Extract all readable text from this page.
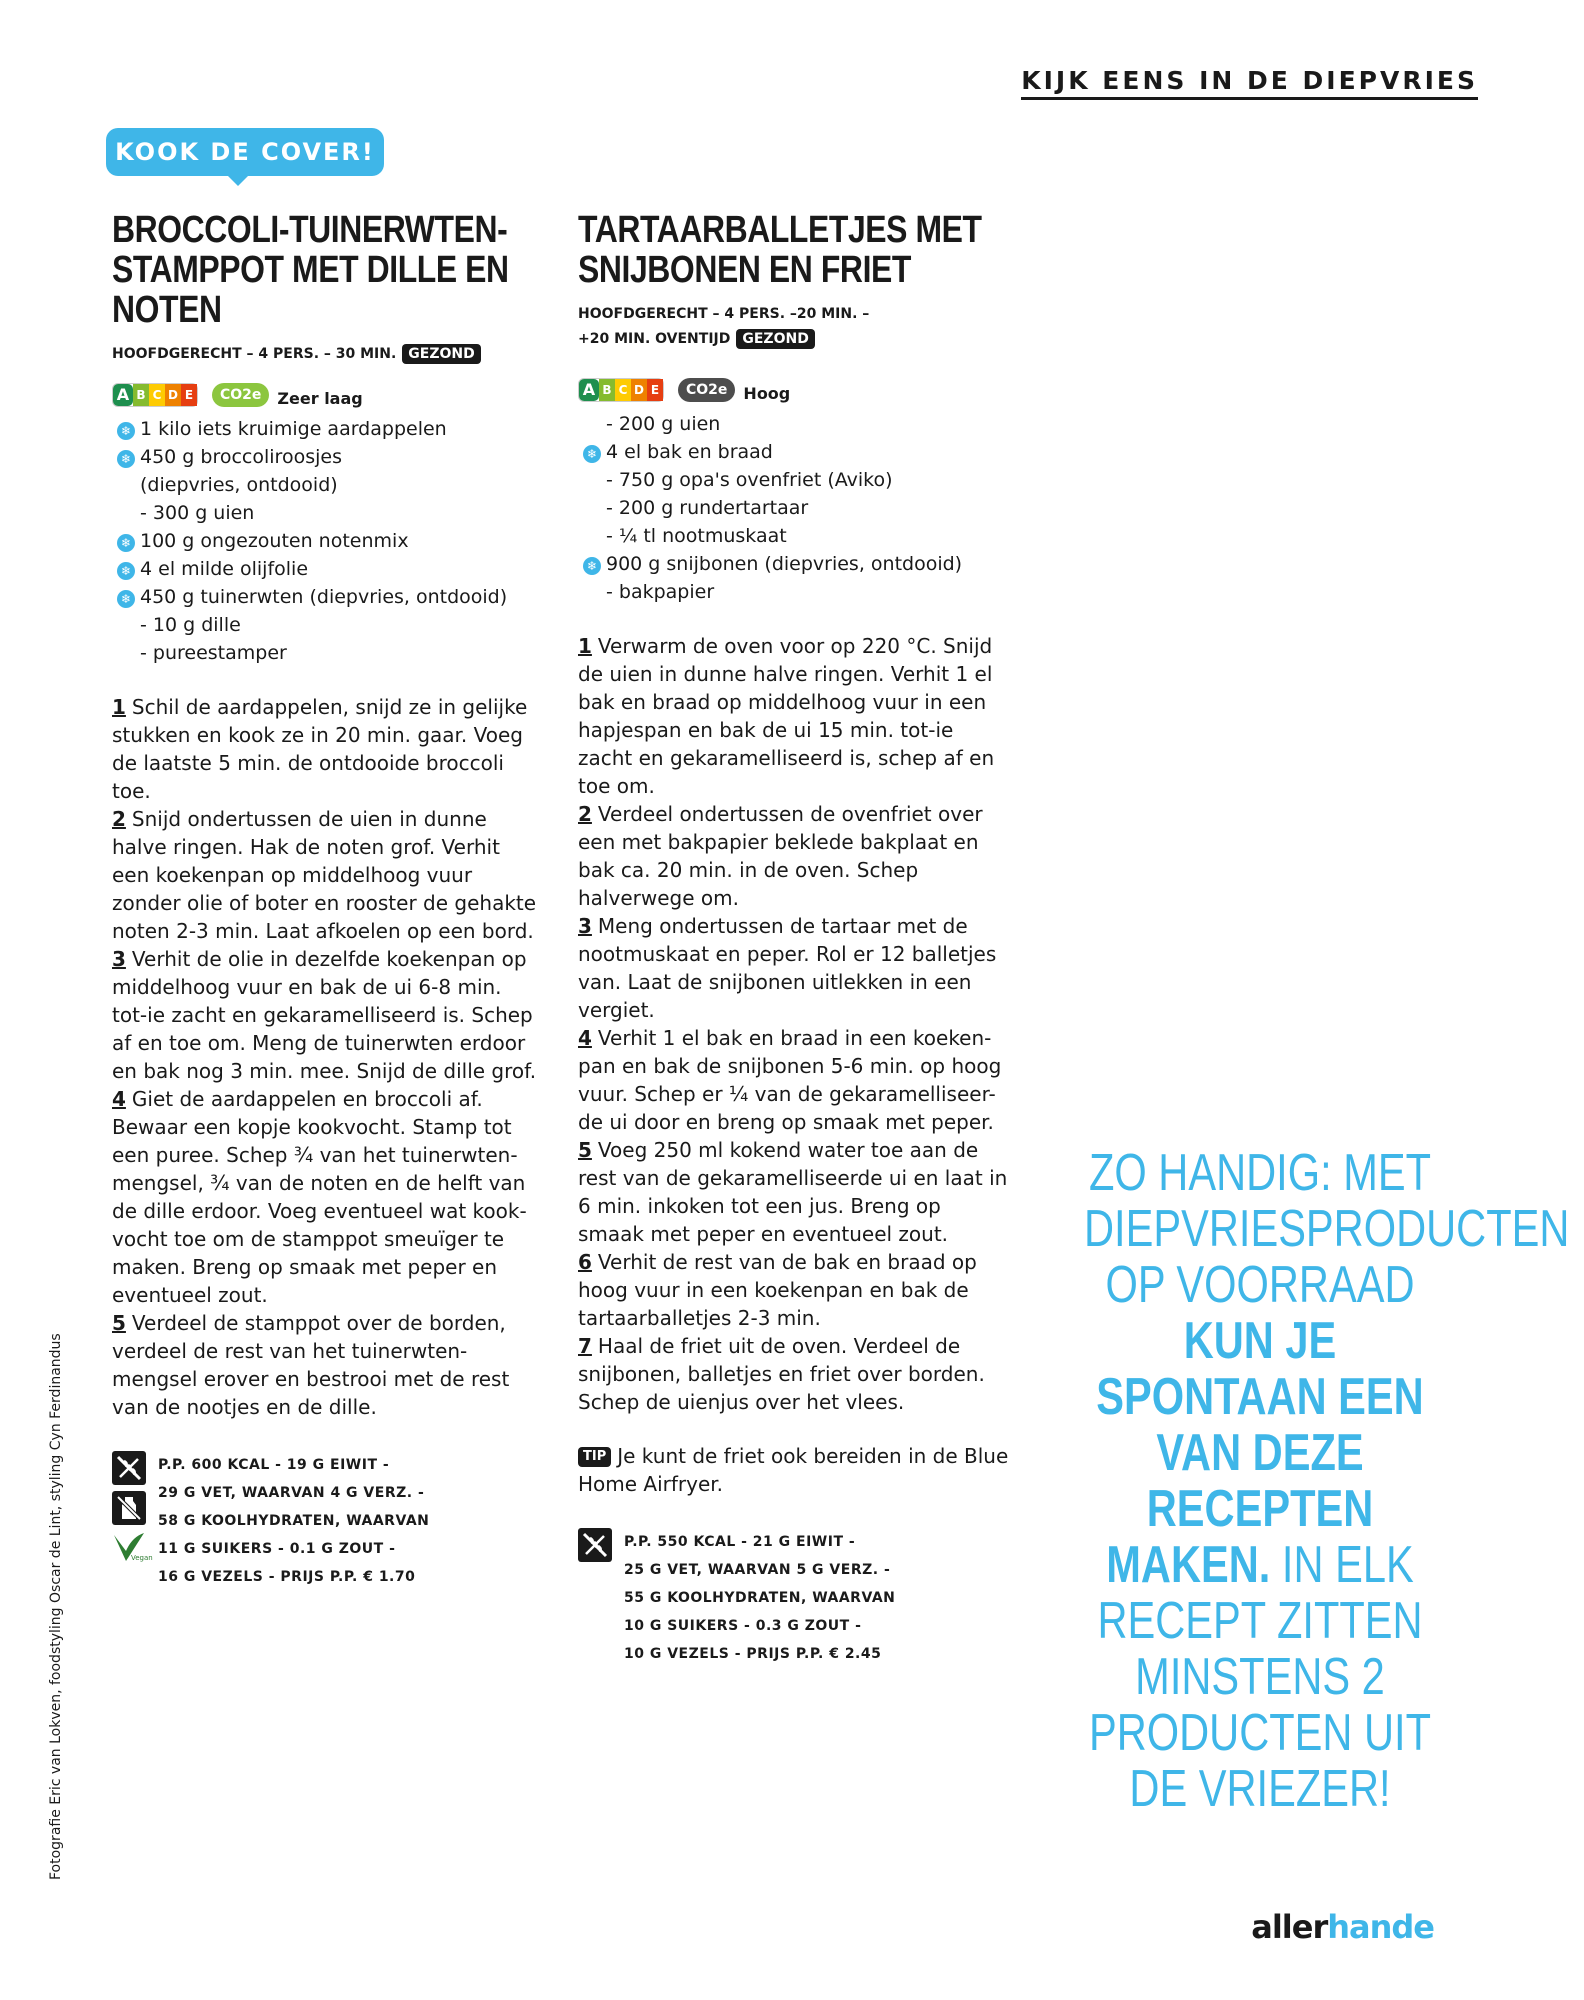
KIJK EENS IN DE DIEPVRIES
KOOK DE COVER!
BROCCOLI-TUINERWTEN-
STAMPPOT MET DILLE EN NOTEN
HOOFDGERECHT – 4 PERS. – 30 MIN. GEZOND
A B C D E	CO2e	Zeer laag
❄ 1 kilo iets kruimige aardappelen
❄ 450 g broccoliroosjes
(diepvries, ontdooid)
- 300 g uien
❄ 100 g ongezouten notenmix
❄ 4 el milde olijfolie
❄ 450 g tuinerwten (diepvries, ontdooid)
- 10 g dille
- pureestamper

1 Schil de aardappelen, snijd ze in gelijke stukken en kook ze in 20 min. gaar. Voeg de laatste 5 min. de ontdooide broccoli toe.

2 Snijd ondertussen de uien in dunne halve ringen. Hak de noten grof. Verhit een koekenpan op middelhoog vuur zonder olie of boter en rooster de gehakte noten 2-3 min. Laat afkoelen op een bord.

3 Verhit de olie in dezelfde koekenpan op middelhoog vuur en bak de ui 6-8 min. tot-ie zacht en gekaramelliseerd is. Schep af en toe om. Meng de tuinerwten erdoor en bak nog 3 min. mee. Snijd de dille grof.

4 Giet de aardappelen en broccoli af. Bewaar een kopje kookvocht. Stamp tot een puree. Schep ¾ van het tuinerwten-mengsel, ¾ van de noten en de helft van de dille erdoor. Voeg eventueel wat kook-vocht toe om de stamppot smeuïger te maken. Breng op smaak met peper en eventueel zout.

5 Verdeel de stamppot over de borden, verdeel de rest van het tuinerwten-mengsel erover en bestrooi met de rest van de nootjes en de dille.

Vegan
P.P. 600 KCAL - 19 G EIWIT -
29 G VET, WAARVAN 4 G VERZ. -
58 G KOOLHYDRATEN, WAARVAN
11 G SUIKERS - 0.1 G ZOUT -
16 G VEZELS - PRIJS P.P. € 1.70
TARTAARBALLETJES MET
SNIJBONEN EN FRIET
HOOFDGERECHT – 4 PERS. –20 MIN. –
+20 MIN. OVENTIJD GEZOND
A B C D E	CO2e	Hoog
- 200 g uien
❄ 4 el bak en braad
- 750 g opa's ovenfriet (Aviko)
- 200 g rundertartaar
- ¼ tl nootmuskaat
❄ 900 g snijbonen (diepvries, ontdooid)
- bakpapier

1 Verwarm de oven voor op 220 °C. Snijd de uien in dunne halve ringen. Verhit 1 el bak en braad op middelhoog vuur in een hapjespan en bak de ui 15 min. tot-ie zacht en gekaramelliseerd is, schep af en toe om.

2 Verdeel ondertussen de ovenfriet over een met bakpapier beklede bakplaat en bak ca. 20 min. in de oven. Schep halverwege om.

3 Meng ondertussen de tartaar met de nootmuskaat en peper. Rol er 12 balletjes van. Laat de snijbonen uitlekken in een vergiet.

4 Verhit 1 el bak en braad in een koeken-pan en bak de snijbonen 5-6 min. op hoog vuur. Schep er ¼ van de gekaramelliseer-de ui door en breng op smaak met peper.

5 Voeg 250 ml kokend water toe aan de rest van de gekaramelliseerde ui en laat in 6 min. inkoken tot een jus. Breng op smaak met peper en eventueel zout.

6 Verhit de rest van de bak en braad op hoog vuur in een koekenpan en bak de tartaarballetjes 2-3 min.

7 Haal de friet uit de oven. Verdeel de snijbonen, balletjes en friet over borden. Schep de uienjus over het vlees.

TIP Je kunt de friet ook bereiden in de Blue Home Airfryer.
P.P. 550 KCAL - 21 G EIWIT -
25 G VET, WAARVAN 5 G VERZ. -
55 G KOOLHYDRATEN, WAARVAN
10 G SUIKERS - 0.3 G ZOUT -
10 G VEZELS - PRIJS P.P. € 2.45
ZO HANDIG: MET DIEPVRIESPRODUCTEN OP VOORRAAD KUN JE SPONTAAN EEN VAN DEZE RECEPTEN MAKEN. IN ELK RECEPT ZITTEN MINSTENS 2 PRODUCTEN UIT DE VRIEZER!
Fotografie Eric van Lokven, foodstyling Oscar de Lint, styling Cyn Ferdinandus
allerhande
